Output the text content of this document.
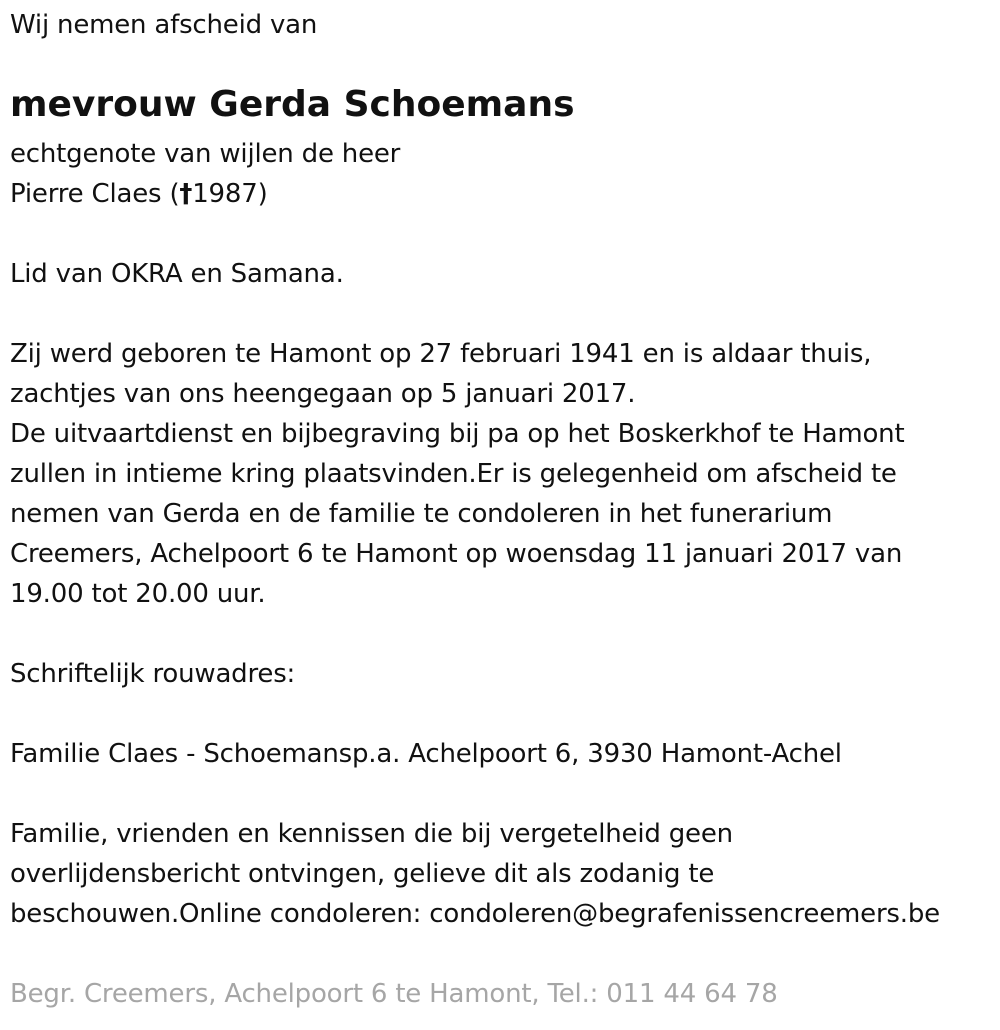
Wij nemen afscheid van
mevrouw Gerda Schoemans
echtgenote van wijlen de heer
Pierre Claes (†1987)
Lid van OKRA en Samana.
Zij werd geboren te Hamont op 27 februari 1941 en is aldaar thuis,
zachtjes van ons heengegaan op 5 januari 2017.
De uitvaartdienst en bijbegraving bij pa op het Boskerkhof te Hamont
zullen in intieme kring plaatsvinden.Er is gelegenheid om afscheid te
nemen van Gerda en de familie te condoleren in het funerarium
Creemers, Achelpoort 6 te Hamont op woensdag 11 januari 2017 van
19.00 tot 20.00 uur.
Schriftelijk rouwadres:
Familie Claes - Schoemansp.a. Achelpoort 6, 3930 Hamont-Achel
Familie, vrienden en kennissen die bij vergetelheid geen
overlijdensbericht ontvingen, gelieve dit als zodanig te
beschouwen.Online condoleren: condoleren@begrafenissencreemers.be
Begr. Creemers, Achelpoort 6 te Hamont, Tel.: 011 44 64 78
